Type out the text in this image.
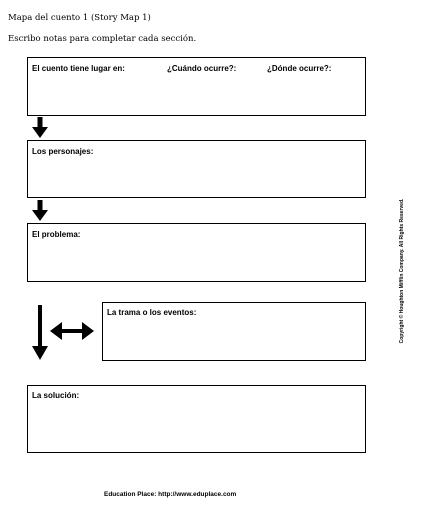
Mapa del cuento 1 (Story Map 1)
Escribo notas para completar cada sección.
El cuento tiene lugar en:	¿Cuándo ocurre?:	¿Dónde ocurre?:
Los personajes:
El problema:
La trama o los eventos:
La solución:
Copyright © Houghton Mifflin Company. All Rights Reserved.
Education Place: http://www.eduplace.com
